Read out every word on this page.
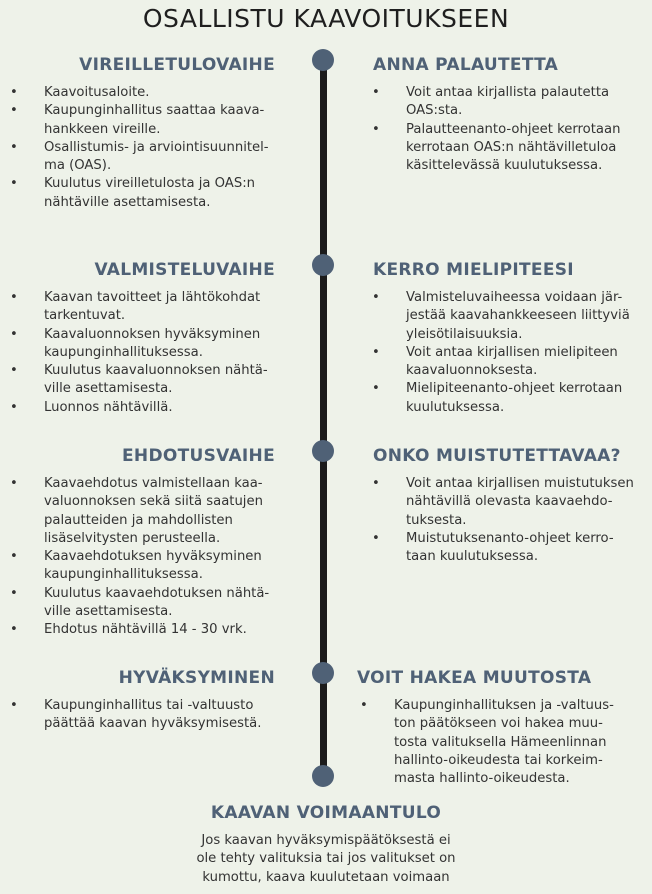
OSALLISTU KAAVOITUKSEEN
VIREILLETULOVAIHE
• Kaavoitusaloite.
• Kaupunginhallitus saattaa kaava-
hankkeen vireille.
• Osallistumis- ja arviointisuunnitel-
ma (OAS).
• Kuulutus vireilletulosta ja OAS:n
nähtäville asettamisesta.
ANNA PALAUTETTA
• Voit antaa kirjallista palautetta
OAS:sta.
• Palautteenanto-ohjeet kerrotaan
kerrotaan OAS:n nähtävilletuloa
käsittelevässä kuulutuksessa.
VALMISTELUVAIHE
• Kaavan tavoitteet ja lähtökohdat
tarkentuvat.
• Kaavaluonnoksen hyväksyminen
kaupunginhallituksessa.
• Kuulutus kaavaluonnoksen nähtä-
ville asettamisesta.
• Luonnos nähtävillä.
KERRO MIELIPITEESI
• Valmisteluvaiheessa voidaan jär-
jestää kaavahankkeeseen liittyviä
yleisötilaisuuksia.
• Voit antaa kirjallisen mielipiteen
kaavaluonnoksesta.
• Mielipiteenanto-ohjeet kerrotaan
kuulutuksessa.
EHDOTUSVAIHE
• Kaavaehdotus valmistellaan kaa-
valuonnoksen sekä siitä saatujen
palautteiden ja mahdollisten
lisäselvitysten perusteella.
• Kaavaehdotuksen hyväksyminen
kaupunginhallituksessa.
• Kuulutus kaavaehdotuksen nähtä-
ville asettamisesta.
• Ehdotus nähtävillä 14 - 30 vrk.
ONKO MUISTUTETTAVAA?
• Voit antaa kirjallisen muistutuksen
nähtävillä olevasta kaavaehdo-
tuksesta.
• Muistutuksenanto-ohjeet kerro-
taan kuulutuksessa.
HYVÄKSYMINEN
• Kaupunginhallitus tai -valtuusto
päättää kaavan hyväksymisestä.
VOIT HAKEA MUUTOSTA
• Kaupunginhallituksen ja -valtuus-
ton päätökseen voi hakea muu-
tosta valituksella Hämeenlinnan
hallinto-oikeudesta tai korkeim-
masta hallinto-oikeudesta.
KAAVAN VOIMAANTULO
Jos kaavan hyväksymispäätöksestä ei
ole tehty valituksia tai jos valitukset on
kumottu, kaava kuulutetaan voimaan
